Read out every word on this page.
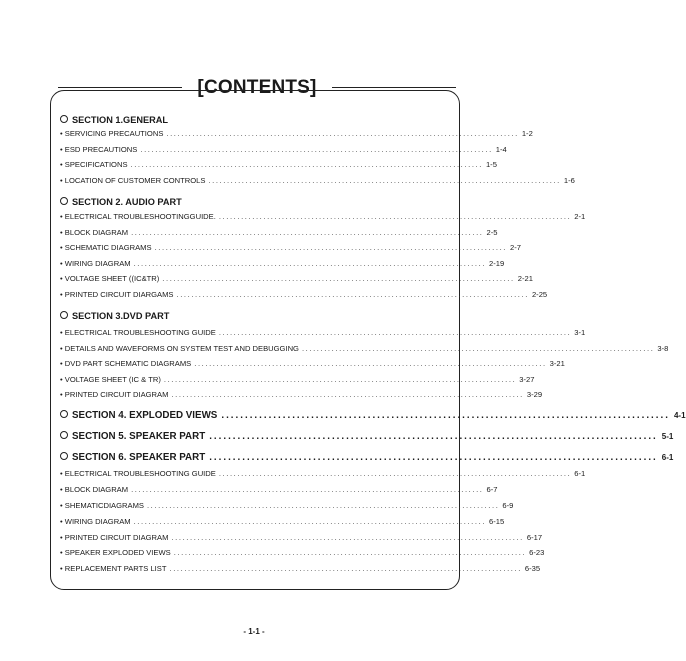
[CONTENTS]
SECTION 1.GENERAL
• SERVICING PRECAUTIONS ............................................................................................... 1-2
• ESD PRECAUTIONS ............................................................................................... 1-4
• SPECIFICATIONS ............................................................................................... 1-5
• LOCATION OF CUSTOMER CONTROLS ............................................................................................... 1-6
SECTION 2. AUDIO PART
• ELECTRICAL TROUBLESHOOTINGGUIDE. ............................................................................................... 2-1
• BLOCK DIAGRAM ............................................................................................... 2-5
• SCHEMATIC DIAGRAMS ............................................................................................... 2-7
• WIRING DIAGRAM ............................................................................................... 2-19
• VOLTAGE SHEET ((IC&TR) ............................................................................................... 2-21
• PRINTED CIRCUIT DIARGAMS ............................................................................................... 2-25
SECTION 3.DVD PART
• ELECTRICAL TROUBLESHOOTING GUIDE ............................................................................................... 3-1
• DETAILS AND WAVEFORMS ON SYSTEM TEST AND DEBUGGING ............................................................................................... 3-8
• DVD PART SCHEMATIC DIAGRAMS ............................................................................................... 3-21
• VOLTAGE SHEET (IC & TR) ............................................................................................... 3-27
• PRINTED CIRCUIT DIAGRAM ............................................................................................... 3-29
SECTION 4. EXPLODED VIEWS ............................................................................................... 4-1
SECTION 5. SPEAKER PART ............................................................................................... 5-1
SECTION 6. SPEAKER PART ............................................................................................... 6-1
• ELECTRICAL TROUBLESHOOTING GUIDE ............................................................................................... 6-1
• BLOCK DIAGRAM ............................................................................................... 6-7
• SHEMATICDIAGRAMS ............................................................................................... 6-9
• WIRING DIAGRAM ............................................................................................... 6-15
• PRINTED CIRCUIT DIAGRAM ............................................................................................... 6-17
• SPEAKER EXPLODED VIEWS ............................................................................................... 6-23
• REPLACEMENT PARTS LIST ............................................................................................... 6-35
- 1-1 -
